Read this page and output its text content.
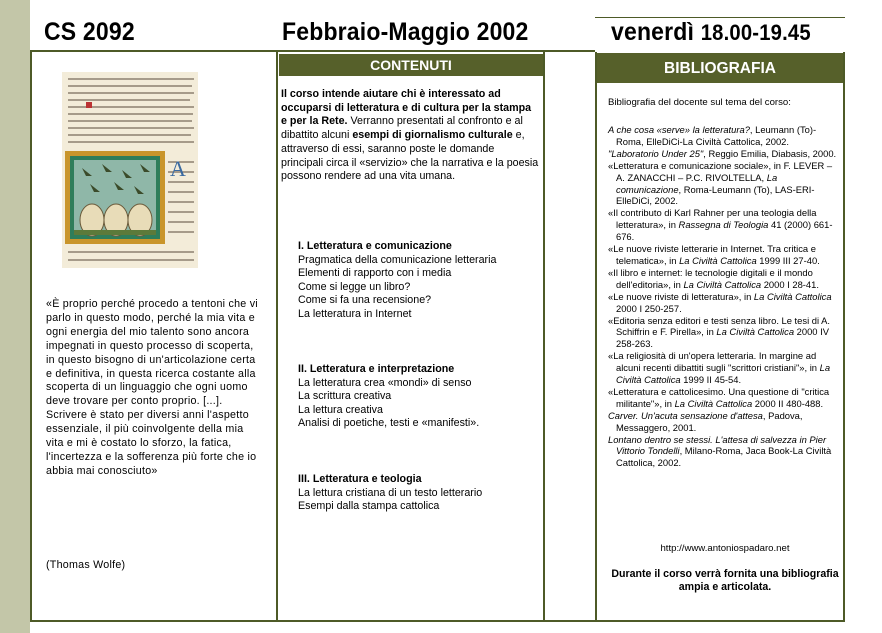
CS 2092	Febbraio-Maggio 2002	venerdì 18.00-19.45
A
«È proprio perché procedo a tentoni che vi parlo in questo modo, perché la mia vita e ogni energia del mio talento sono ancora impegnati in questo processo di scoperta, in questo bisogno di un'articolazione certa e definitiva, in questa ricerca costante alla scoperta di un linguaggio che ogni uomo deve trovare per conto proprio. [...]. Scrivere è stato per diversi anni l'aspetto essenziale, il più coinvolgente della mia vita e mi è costato lo sforzo, la fatica, l'incertezza e la sofferenza più forte che io abbia mai conosciuto»
(Thomas Wolfe)
CONTENUTI
Il corso intende aiutare chi è interessato ad occuparsi di letteratura e di cultura per la stampa e per la Rete. Verranno presentati al confronto e al dibattito alcuni esempi di giornalismo culturale e, attraverso di essi, saranno poste le domande principali circa il «servizio» che la narrativa e la poesia possono rendere ad una vita umana.
I. Letteratura e comunicazione
Pragmatica della comunicazione letteraria
Elementi di rapporto con i media
Come si legge un libro?
Come si fa una recensione?
La letteratura in Internet
II. Letteratura e interpretazione
La letteratura crea «mondi» di senso
La scrittura creativa
La lettura creativa
Analisi di poetiche, testi e «manifesti».
III. Letteratura e teologia
La lettura cristiana di un testo letterario
Esempi dalla stampa cattolica
BIBLIOGRAFIA
Bibliografia del docente sul tema del corso:

A che cosa «serve» la letteratura?, Leumann (To)-Roma, ElleDiCi-La Civiltà Cattolica, 2002.

"Laboratorio Under 25", Reggio Emilia, Diabasis, 2000.

«Letteratura e comunicazione sociale», in F. LEVER – A. ZANACCHI – P.C. RIVOLTELLA, La comunicazione, Roma-Leumann (To), LAS-ERI-ElleDiCi, 2002.

«Il contributo di Karl Rahner per una teologia della letteratura», in Rassegna di Teologia 41 (2000) 661-676.

«Le nuove riviste letterarie in Internet. Tra critica e telematica», in La Civiltà Cattolica 1999 III 27-40.

«Il libro e internet: le tecnologie digitali e il mondo dell'editoria», in La Civiltà Cattolica 2000 I 28-41.

«Le nuove riviste di letteratura», in La Civiltà Cattolica 2000 I 250-257.

«Editoria senza editori e testi senza libro. Le tesi di A. Schiffrin e F. Pirella», in La Civiltà Cattolica 2000 IV 258-263.

«La religiosità di un'opera letteraria. In margine ad alcuni recenti dibattiti sugli "scrittori cristiani"», in La Civiltà Cattolica 1999 II 45-54.

«Letteratura e cattolicesimo. Una questione di "critica militante"», in La Civiltà Cattolica 2000 II 480-488.

Carver. Un'acuta sensazione d'attesa, Padova, Messaggero, 2001.

Lontano dentro se stessi. L'attesa di salvezza in Pier Vittorio Tondelli, Milano-Roma, Jaca Book-La Civiltà Cattolica, 2002.

http://www.antoniospadaro.net
Durante il corso verrà fornita una bibliografia ampia e articolata.
